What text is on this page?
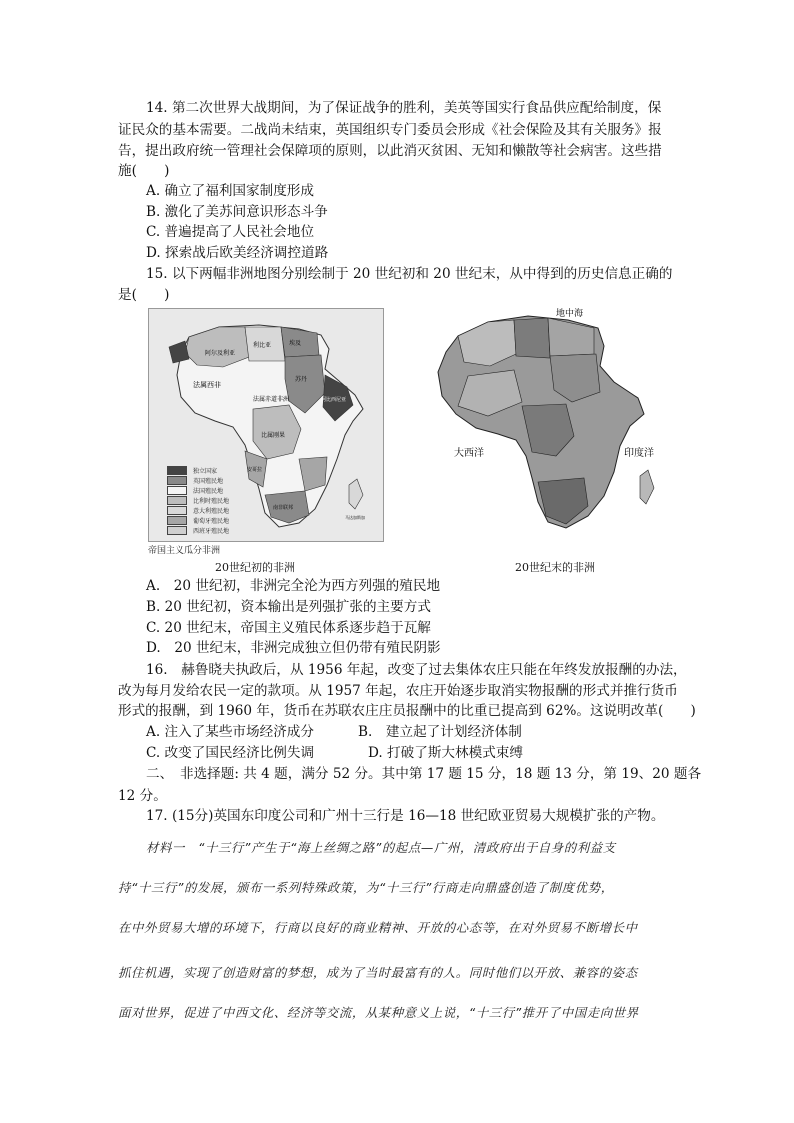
14. 第二次世界大战期间，为了保证战争的胜利，美英等国实行食品供应配给制度，保
证民众的基本需要。二战尚未结束，英国组织专门委员会形成《社会保险及其有关服务》报
告，提出政府统一管理社会保障项的原则，以此消灭贫困、无知和懒散等社会病害。这些措
施(　　)
A. 确立了福利国家制度形成
B. 激化了美苏间意识形态斗争
C. 普遍提高了人民社会地位
D. 探索战后欧美经济调控道路
15. 以下两幅非洲地图分别绘制于 20 世纪初和 20 世纪末，从中得到的历史信息正确的
是(　　)
阿尔及利亚
利比亚	埃及
法属西非
苏丹
阿比西尼亚
法属赤道非洲
比属刚果
安哥拉
南非联邦
马达加斯加
独立国家
英国殖民地
法国殖民地
比利时殖民地
意大利殖民地
葡萄牙殖民地
西班牙殖民地
帝国主义瓜分非洲
20世纪初的非洲
地中海
大西洋	印度洋
20世纪末的非洲
A.　20 世纪初，非洲完全沦为西方列强的殖民地
B. 20 世纪初，资本输出是列强扩张的主要方式
C. 20 世纪末，帝国主义殖民体系逐步趋于瓦解
D.　20 世纪末，非洲完成独立但仍带有殖民阴影
16.　赫鲁晓夫执政后，从 1956 年起，改变了过去集体农庄只能在年终发放报酬的办法，
改为每月发给农民一定的款项。从 1957 年起，农庄开始逐步取消实物报酬的形式并推行货币
形式的报酬，到 1960 年，货币在苏联农庄庄员报酬中的比重已提高到 62%。这说明改革(　　)
A. 注入了某些市场经济成分	B.　建立起了计划经济体制
C. 改变了国民经济比例失调	D. 打破了斯大林模式束缚
二、　非选择题: 共 4 题，满分 52 分。其中第 17 题 15 分，18 题 13 分，第 19、20 题各
12 分。
17. (15分)英国东印度公司和广州十三行是 16—18 世纪欧亚贸易大规模扩张的产物。
材料一　“十三行”产生于“海上丝绸之路”的起点—广州，清政府出于自身的利益支
持“十三行”的发展，颁布一系列特殊政策，为“十三行”行商走向鼎盛创造了制度优势，
在中外贸易大增的环境下，行商以良好的商业精神、开放的心态等，在对外贸易不断增长中
抓住机遇，实现了创造财富的梦想，成为了当时最富有的人。同时他们以开放、兼容的姿态
面对世界，促进了中西文化、经济等交流，从某种意义上说，“十三行”推开了中国走向世界
